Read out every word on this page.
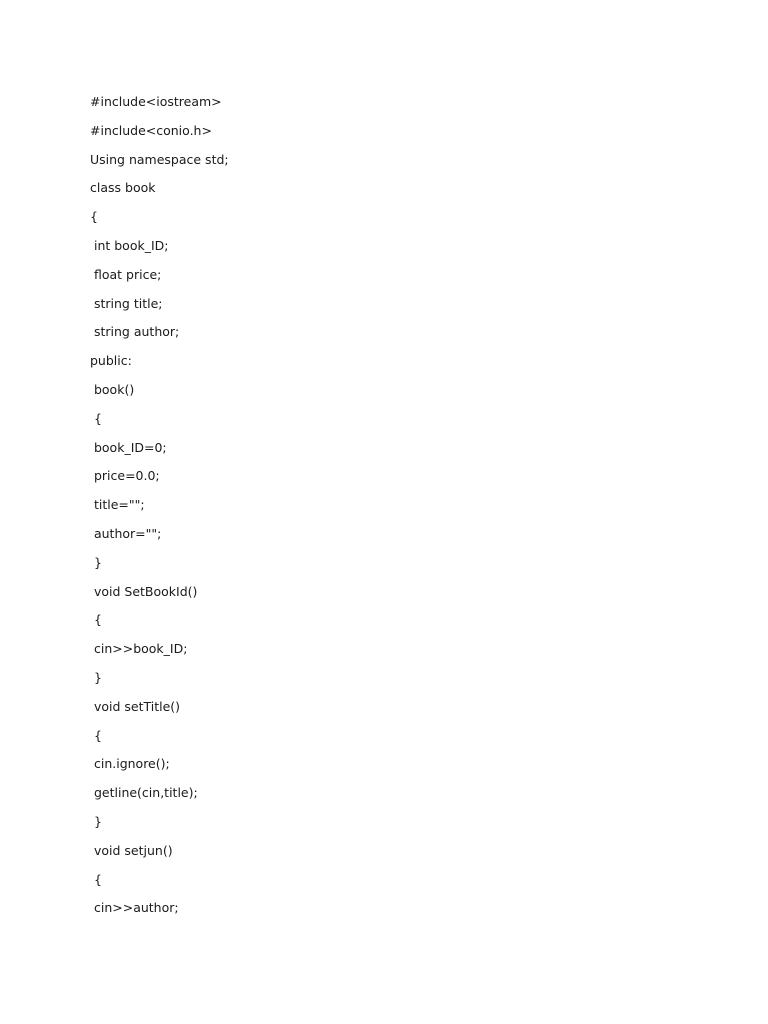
#include<iostream>
#include<conio.h>
Using namespace std;
class book
{
int book_ID;
float price;
string title;
string author;
public:
book()
{
book_ID=0;
price=0.0;
title="";
author="";
}
void SetBookId()
{
cin>>book_ID;
}
void setTitle()
{
cin.ignore();
getline(cin,title);
}
void setjun()
{
cin>>author;
